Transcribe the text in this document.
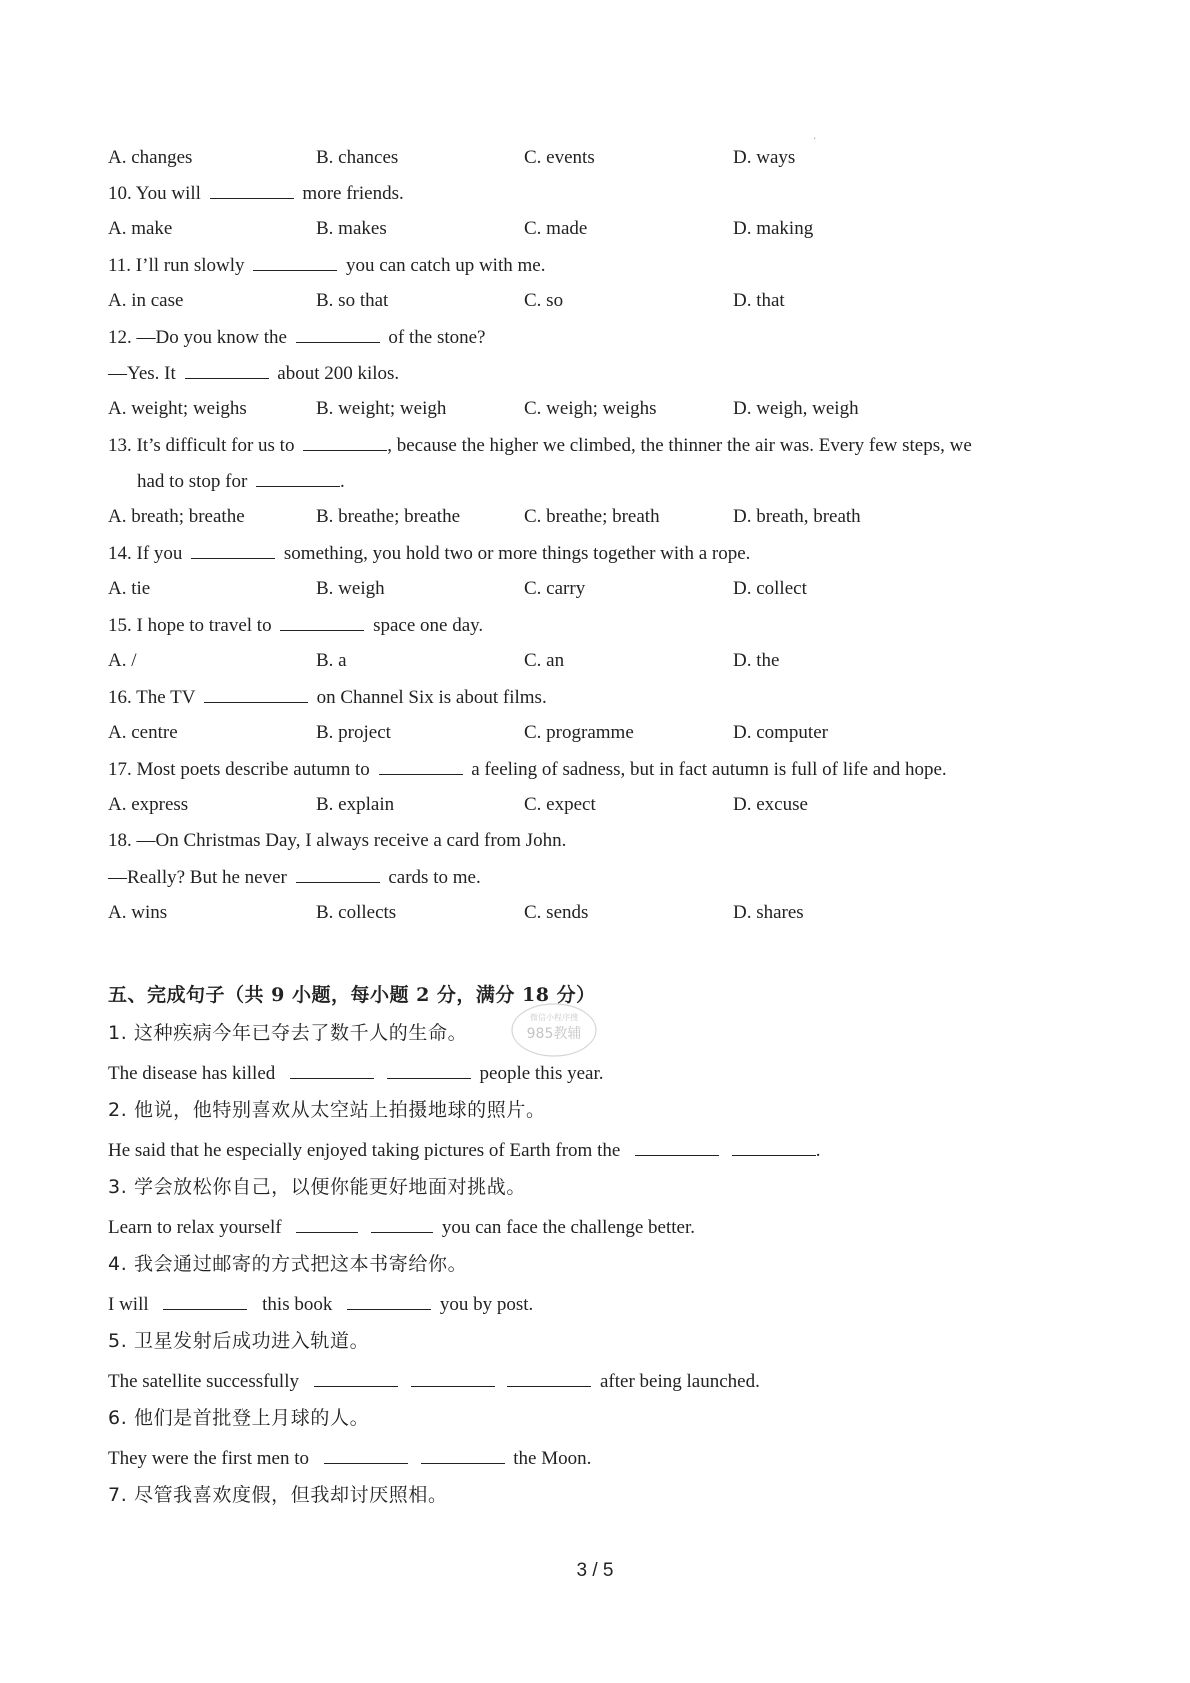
'
A. changes	B. chances	C. events	D. ways
10. You will	more friends.
A. make	B. makes	C. made	D. making
11. I’ll run slowly	you can catch up with me.
A. in case	B. so that	C. so	D. that
12. —Do you know the	of the stone?
—Yes. It	about 200 kilos.
A. weight; weighs	B. weight; weigh	C. weigh; weighs	D. weigh, weigh
13. It’s difficult for us to	, because the higher we climbed, the thinner the air was. Every few steps, we
had to stop for	.
A. breath; breathe	B. breathe; breathe	C. breathe; breath	D. breath, breath
14. If you	something, you hold two or more things together with a rope.
A. tie	B. weigh	C. carry	D. collect
15. I hope to travel to	space one day.
A. /	B. a	C. an	D. the
16. The TV	on Channel Six is about films.
A. centre	B. project	C. programme	D. computer
17. Most poets describe autumn to	a feeling of sadness, but in fact autumn is full of life and hope.
A. express	B. explain	C. expect	D. excuse
18. —On Christmas Day, I always receive a card from John.
—Really? But he never	cards to me.
A. wins	B. collects	C. sends	D. shares
五、完成句子（共 9 小题，每小题 2 分，满分 18 分）
微信小程序搜
985教辅
1. 这种疾病今年已夺去了数千人的生命。
The disease has killed	people this year.
2. 他说，他特别喜欢从太空站上拍摄地球的照片。
He said that he especially enjoyed taking pictures of Earth from the	.
3. 学会放松你自己，以便你能更好地面对挑战。
Learn to relax yourself	you can face the challenge better.
4. 我会通过邮寄的方式把这本书寄给你。
I will	this book	you by post.
5. 卫星发射后成功进入轨道。
The satellite successfully	after being launched.
6. 他们是首批登上月球的人。
They were the first men to	the Moon.
7. 尽管我喜欢度假，但我却讨厌照相。
3 / 5
